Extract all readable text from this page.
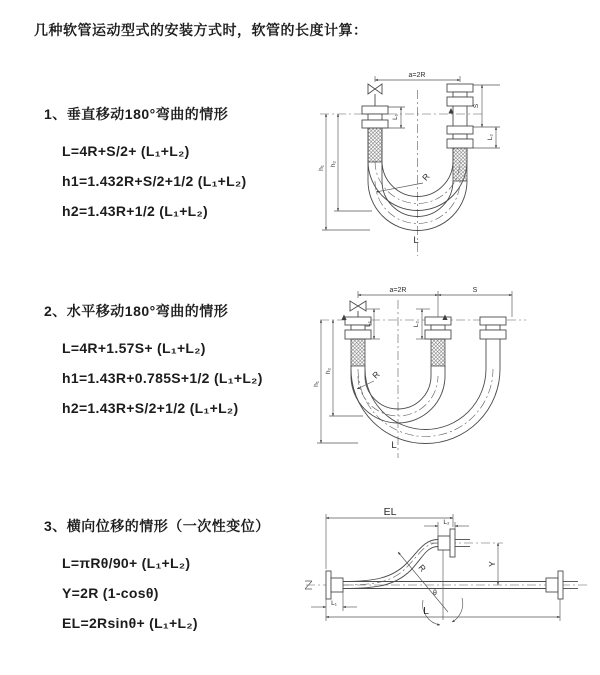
几种软管运动型式的安装方式时，软管的长度计算：
1、垂直移动180°弯曲的情形

L=4R+S/2+ (L₁+L₂)

h1=1.432R+S/2+1/2 (L₁+L₂)

h2=1.43R+1/2 (L₁+L₂)

2、水平移动180°弯曲的情形

L=4R+1.57S+ (L₁+L₂)

h1=1.43R+0.785S+1/2 (L₁+L₂)

h2=1.43R+S/2+1/2 (L₁+L₂)

3、横向位移的情形（一次性变位）

L=πRθ/90+ (L₁+L₂)

Y=2R (1-cosθ)

EL=2Rsinθ+ (L₁+L₂)

a=2R
S
L₂
L₁
h₁
h₂
R
L
a=2R	S
L₁	L₂
h₁
h₂	R
L
EL
L₂
Y
R
θ
L
L₁
